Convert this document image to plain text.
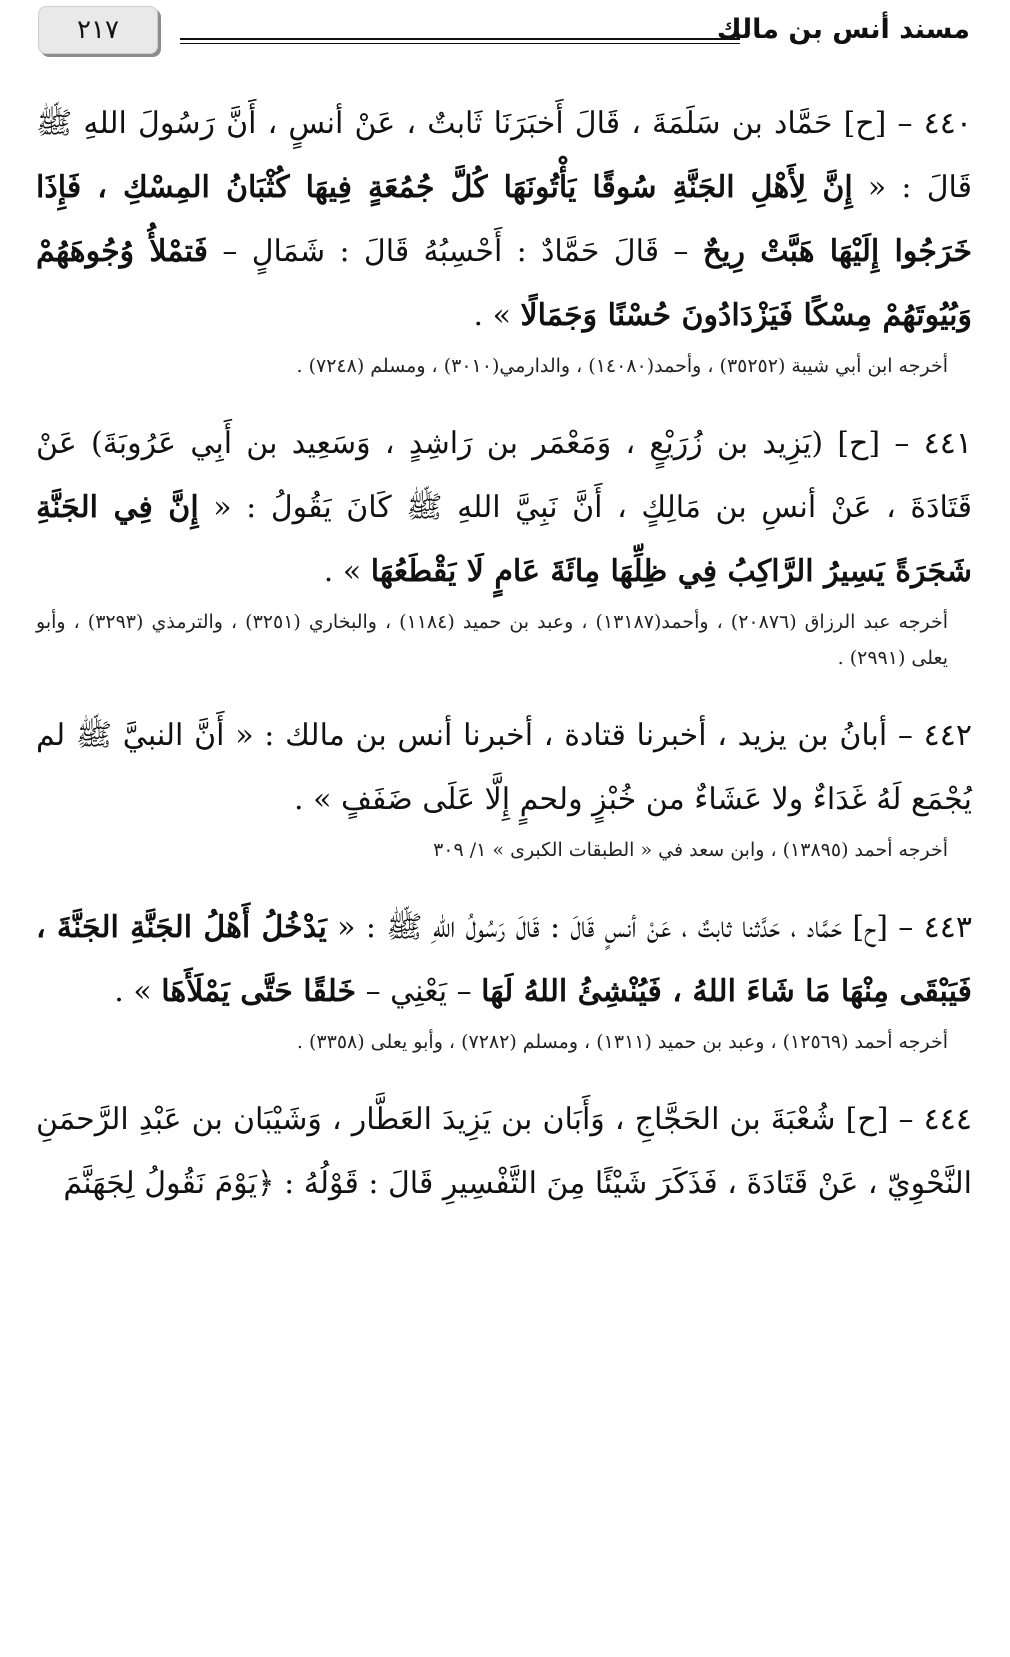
مسند أنس بن مالك
٢١٧

٤٤٠ – [ح] حَمَّاد بن سَلَمَةَ ، قَالَ أَخبَرَنَا ثَابتٌ ، عَنْ أنسٍ ، أَنَّ رَسُولَ اللهِ ﷺ قَالَ : « إِنَّ لِأَهْلِ الجَنَّةِ سُوقًا يَأْتُونَهَا كُلَّ جُمُعَةٍ فِيهَا كُثْبَانُ المِسْكِ ، فَإِذَا خَرَجُوا إِلَيْهَا هَبَّتْ رِيحٌ – قَالَ حَمَّادٌ : أَحْسِبُهُ قَالَ : شَمَالٍ – فَتمْلأُ وُجُوهَهُمْ وَبُيُوتَهُمْ مِسْكًا فَيَزْدَادُونَ حُسْنًا وَجَمَالًا » .

أخرجه ابن أبي شيبة (٣٥٢٥٢) ، وأحمد(١٤٠٨٠) ، والدارمي(٣٠١٠) ، ومسلم (٧٢٤٨) .

٤٤١ – [ح] (يَزِيد بن زُرَيْعٍ ، وَمَعْمَر بن رَاشِدٍ ، وَسَعِيد بن أَبِي عَرُوبَةَ) عَنْ قَتَادَةَ ، عَنْ أنسِ بن مَالِكٍ ، أَنَّ نَبِيَّ اللهِ ﷺ كَانَ يَقُولُ : « إِنَّ فِي الجَنَّةِ شَجَرَةً يَسِيرُ الرَّاكِبُ فِي ظِلِّهَا مِائَةَ عَامٍ لَا يَقْطَعُهَا » .

أخرجه عبد الرزاق (٢٠٨٧٦) ، وأحمد(١٣١٨٧) ، وعبد بن حميد (١١٨٤) ، والبخاري (٣٢٥١) ، والترمذي (٣٢٩٣) ، وأبو يعلى (٢٩٩١) .

٤٤٢ – أبانُ بن يزيد ، أخبرنا قتادة ، أخبرنا أنس بن مالك : « أَنَّ النبيَّ ﷺ لم يُجْمَع لَهُ غَدَاءٌ ولا عَشَاءٌ من خُبْزٍ ولحمٍ إِلَّا عَلَى ضَفَفٍ » .

أخرجه أحمد (١٣٨٩٥) ، وابن سعد في « الطبقات الكبرى » ١/ ٣٠٩

٤٤٣ – [ح] حَمَّاد ، حَدَّثنا ثابتٌ ، عَنْ أنسٍ قَالَ : قَالَ رَسُولُ اللهِ ﷺ : « يَدْخُلُ أَهْلُ الجَنَّةِ الجَنَّةَ ، فَيَبْقَى مِنْهَا مَا شَاءَ اللهُ ، فَيُنْشِئُ اللهُ لَهَا – يَعْنِي – خَلقًا حَتَّى يَمْلَأَهَا » .

أخرجه أحمد (١٢٥٦٩) ، وعبد بن حميد (١٣١١) ، ومسلم (٧٢٨٢) ، وأبو يعلى (٣٣٥٨) .

٤٤٤ – [ح] شُعْبَةَ بن الحَجَّاجِ ، وَأَبَان بن يَزِيدَ العَطَّار ، وَشَيْبَان بن عَبْدِ الرَّحمَنِ النَّحْوِيّ ، عَنْ قَتَادَةَ ، فَذَكَرَ شَيْئًا مِنَ التَّفْسِيرِ قَالَ : قَوْلُهُ : ﴿يَوْمَ نَقُولُ لِجَهَنَّمَ
